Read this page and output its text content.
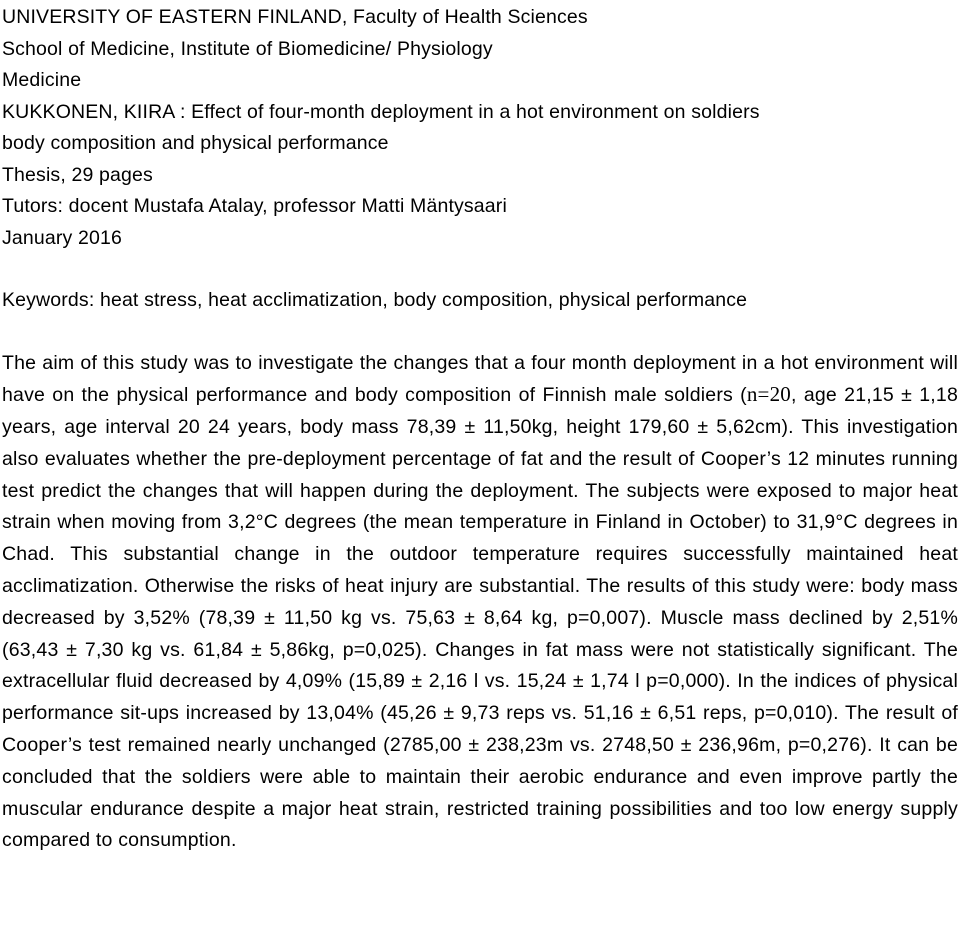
UNIVERSITY OF EASTERN FINLAND, Faculty of Health Sciences
School of Medicine, Institute of Biomedicine/ Physiology
Medicine
KUKKONEN, KIIRA : Effect of four-month deployment in a hot environment on soldiers
body composition and physical performance
Thesis, 29 pages
Tutors: docent Mustafa Atalay, professor Matti Mäntysaari
January 2016
Keywords: heat stress, heat acclimatization, body composition, physical performance
The aim of this study was to investigate the changes that a four month deployment in a hot environment will have on the physical performance and body composition of Finnish male soldiers (n=20, age 21,15 ± 1,18 years, age interval 20 24 years, body mass 78,39 ± 11,50kg, height 179,60 ± 5,62cm). This investigation also evaluates whether the pre-deployment percentage of fat and the result of Cooper’s 12 minutes running test predict the changes that will happen during the deployment. The subjects were exposed to major heat strain when moving from 3,2°C degrees (the mean temperature in Finland in October) to 31,9°C degrees in Chad. This substantial change in the outdoor temperature requires successfully maintained heat acclimatization. Otherwise the risks of heat injury are substantial. The results of this study were: body mass decreased by 3,52% (78,39 ± 11,50 kg vs. 75,63 ± 8,64 kg, p=0,007). Muscle mass declined by 2,51% (63,43 ± 7,30 kg vs. 61,84 ± 5,86kg, p=0,025). Changes in fat mass were not statistically significant. The extracellular fluid decreased by 4,09% (15,89 ± 2,16 l vs. 15,24 ± 1,74 l p=0,000). In the indices of physical performance sit-ups increased by 13,04% (45,26 ± 9,73 reps vs. 51,16 ± 6,51 reps, p=0,010). The result of Cooper’s test remained nearly unchanged (2785,00 ± 238,23m vs. 2748,50 ± 236,96m, p=0,276). It can be concluded that the soldiers were able to maintain their aerobic endurance and even improve partly the muscular endurance despite a major heat strain, restricted training possibilities and too low energy supply compared to consumption.
